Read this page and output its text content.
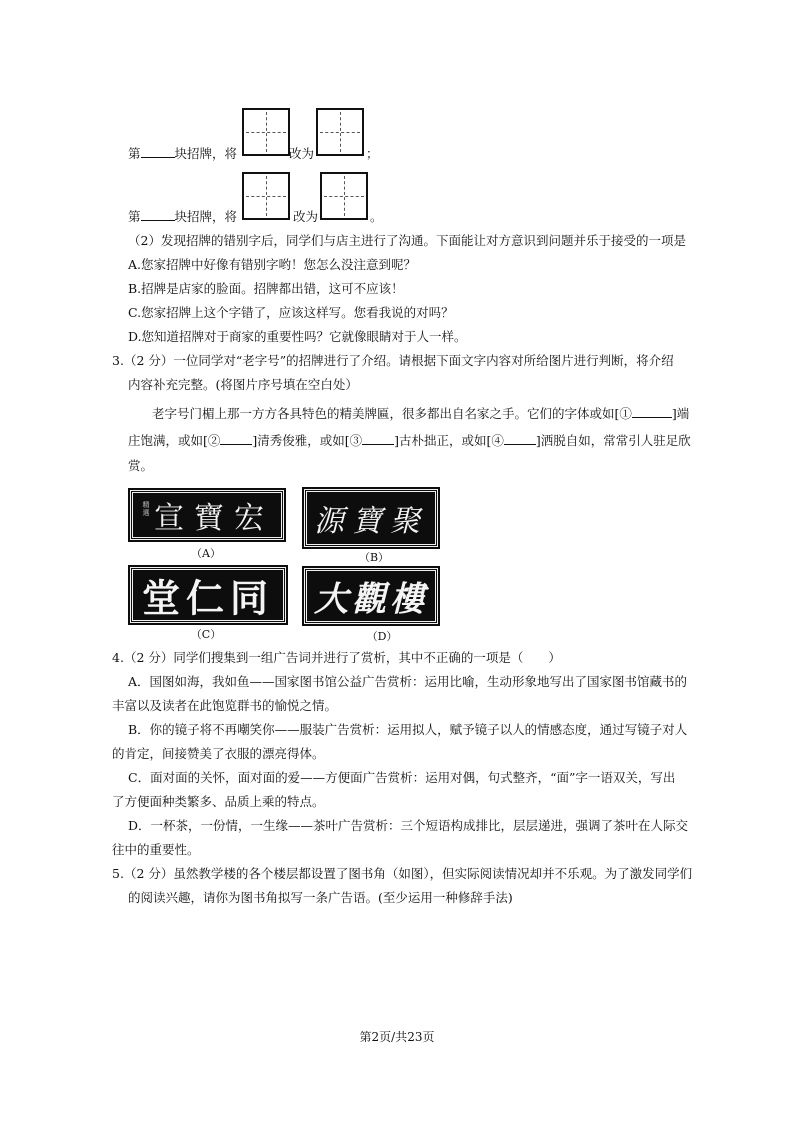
第	块招牌，将	改为	；
第	块招牌，将	改为	。
（2）发现招牌的错别字后，同学们与店主进行了沟通。下面能让对方意识到问题并乐于接受的一项是
A.您家招牌中好像有错别字哟！您怎么没注意到呢？
B.招牌是店家的脸面。招牌都出错，这可不应该！
C.您家招牌上这个字错了，应该这样写。您看我说的对吗？
D.您知道招牌对于商家的重要性吗？它就像眼睛对于人一样。
3.（2 分）一位同学对“老字号”的招牌进行了介绍。请根据下面文字内容对所给图片进行判断，将介绍
内容补充完整。(将图片序号填在空白处）
老字号门楣上那一方方各具特色的精美牌匾，很多都出自名家之手。它们的字体或如[①	]端
庄饱满，或如[②	]清秀俊雅，或如[③	]古朴拙正，或如[④	]洒脱自如，常常引人驻足欣
赏。
精選 宣寶宏
（A）
源寶聚
（B）
堂仁同
（C）
大觀樓
（D）
4.（2 分）同学们搜集到一组广告词并进行了赏析，其中不正确的一项是（　　）
A．国图如海，我如鱼——国家图书馆公益广告赏析：运用比喻，生动形象地写出了国家图书馆藏书的
丰富以及读者在此饱览群书的愉悦之情。
B．你的镜子将不再嘲笑你——服装广告赏析：运用拟人，赋予镜子以人的情感态度，通过写镜子对人
的肯定，间接赞美了衣服的漂亮得体。
C．面对面的关怀，面对面的爱——方便面广告赏析：运用对偶，句式整齐，“面”字一语双关，写出
了方便面种类繁多、品质上乘的特点。
D．一杯茶，一份情，一生缘——茶叶广告赏析：三个短语构成排比，层层递进，强调了茶叶在人际交
往中的重要性。
5.（2 分）虽然教学楼的各个楼层都设置了图书角（如图），但实际阅读情况却并不乐观。为了激发同学们
的阅读兴趣，请你为图书角拟写一条广告语。(至少运用一种修辞手法)
第2页/共23页
